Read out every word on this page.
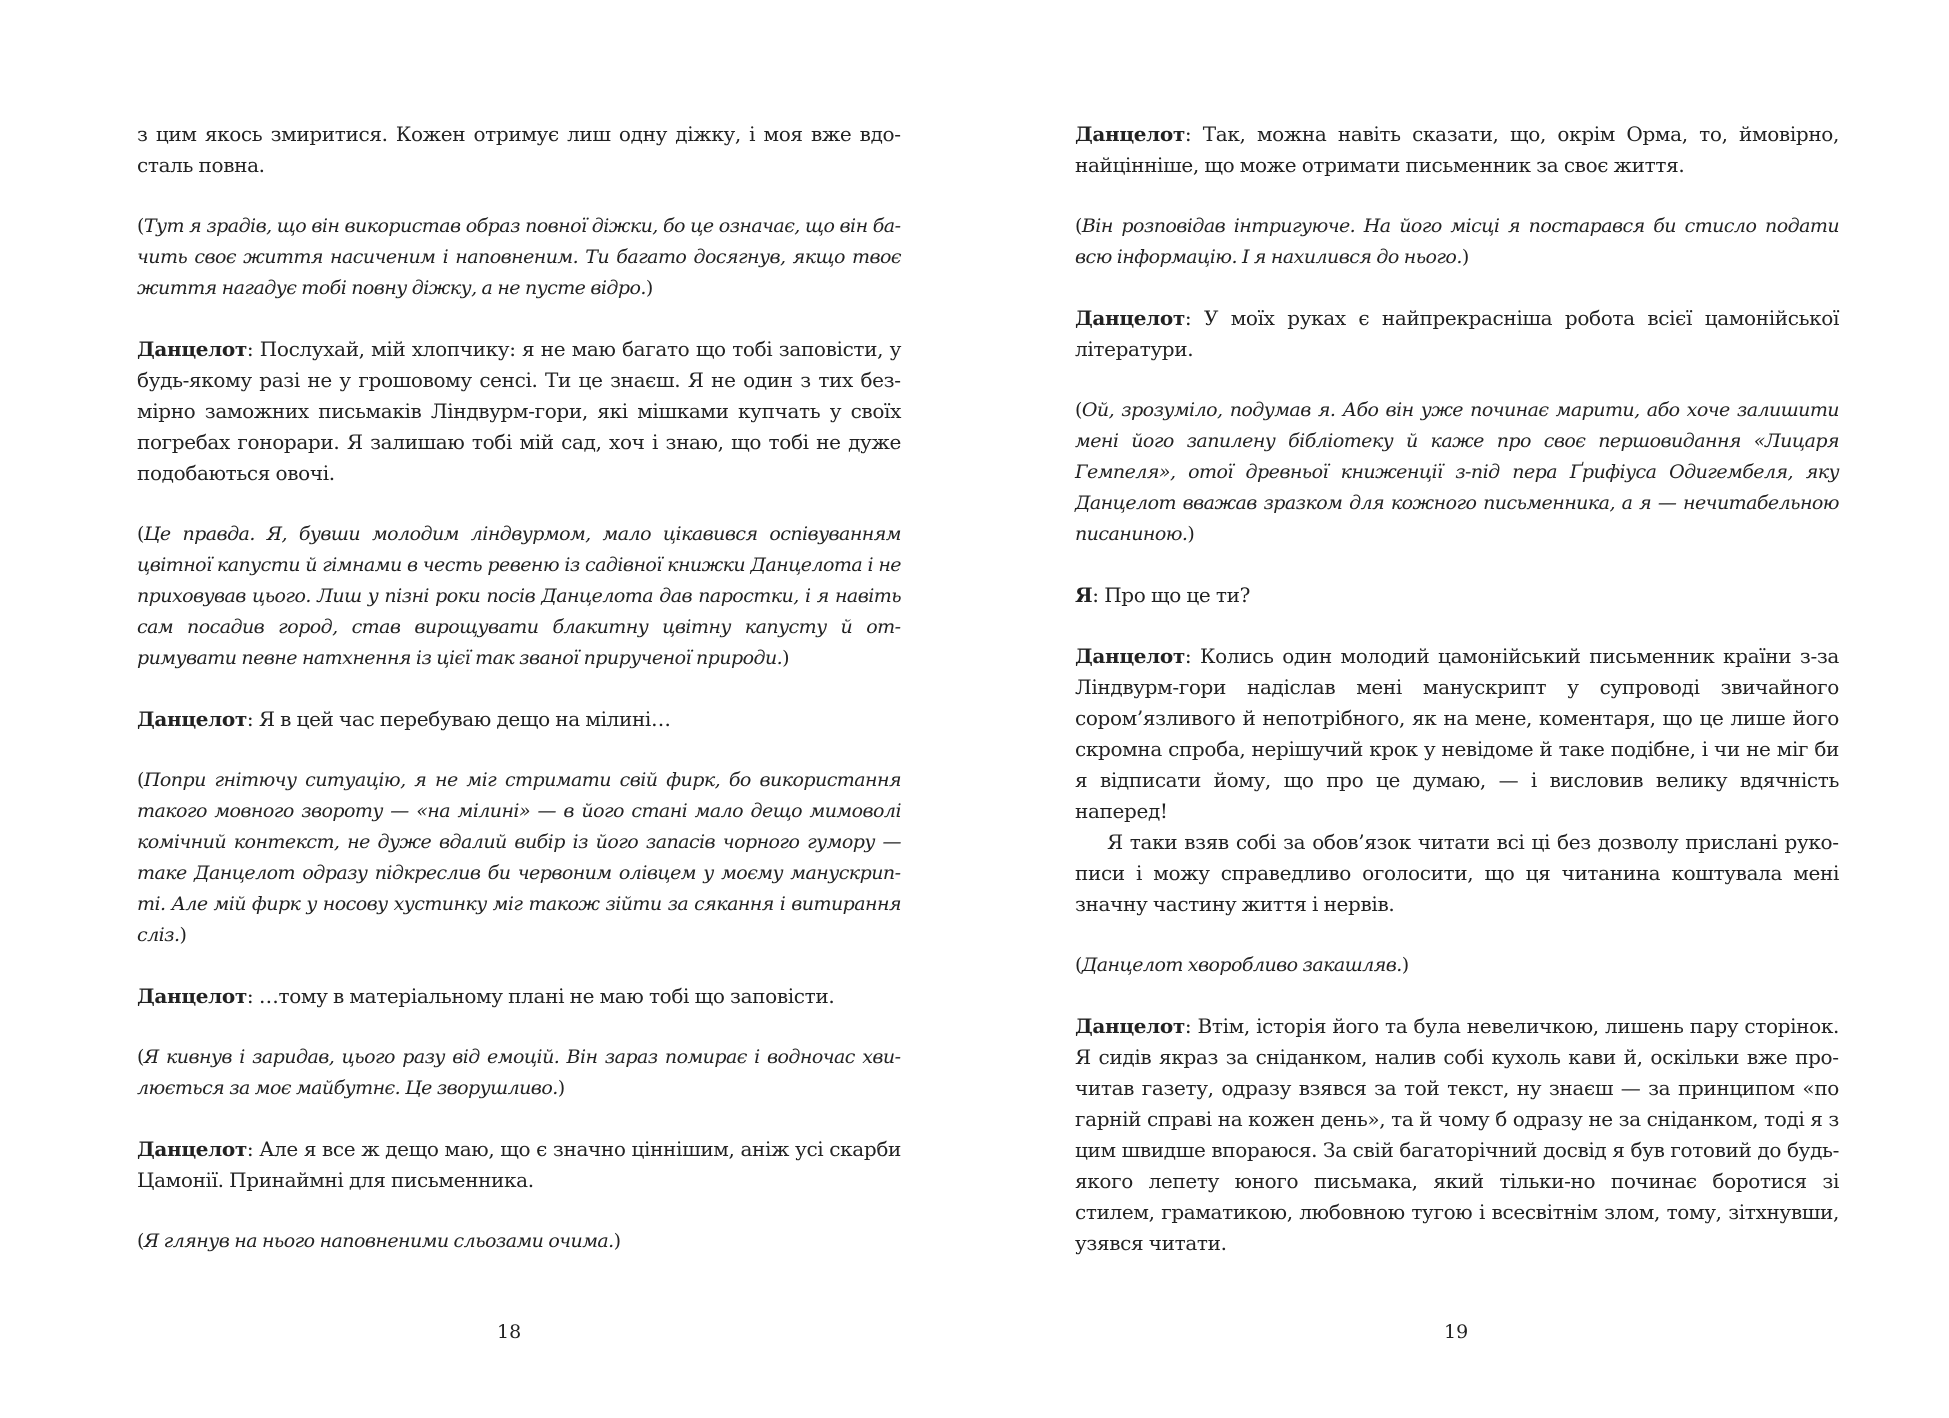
з цим якось змиритися. Кожен отримує лиш одну діжку, і моя вже вдосталь повна.

(Тут я зрадів, що він використав образ повної діжки, бо це означає, що він бачить своє життя насиченим і наповненим. Ти багато досягнув, якщо твоє життя нагадує тобі повну діжку, а не пусте відро.)

Данцелот: Послухай, мій хлопчику: я не маю багато що тобі заповісти, у будь-якому разі не у грошовому сенсі. Ти це знаєш. Я не один з тих безмірно заможних письмаків Ліндвурм-гори, які мішками купчать у своїх погребах гонорари. Я залишаю тобі мій сад, хоч і знаю, що тобі не дуже подобаються овочі.

(Це правда. Я, бувши молодим ліндвурмом, мало цікавився оспівуванням цвітної капусти й гімнами в честь ревеню із садівної книжки Данцелота і не приховував цього. Лиш у пізні роки посів Данцелота дав паростки, і я навіть сам посадив город, став вирощувати блакитну цвітну капусту й отримувати певне натхнення із цієї так званої прирученої природи.)

Данцелот: Я в цей час перебуваю дещо на мілині…

(Попри гнітючу ситуацію, я не міг стримати свій фирк, бо використання такого мовного звороту — «на мілині» — в його стані мало дещо мимоволі комічний контекст, не дуже вдалий вибір із його запасів чорного гумору — таке Данцелот одразу підкреслив би червоним олівцем у моєму манускрипті. Але мій фирк у носову хустинку міг також зійти за сякання і витирання сліз.)

Данцелот: …тому в матеріальному плані не маю тобі що заповісти.

(Я кивнув і заридав, цього разу від емоцій. Він зараз помирає і водночас хвилюється за моє майбутнє. Це зворушливо.)

Данцелот: Але я все ж дещо маю, що є значно ціннішим, аніж усі скарби Цамонії. Принаймні для письменника.

(Я глянув на нього наповненими сльозами очима.)

18

Данцелот: Так, можна навіть сказати, що, окрім Орма, то, ймовірно, найцінніше, що може отримати письменник за своє життя.

(Він розповідав інтригуюче. На його місці я постарався би стисло подати всю інформацію. І я нахилився до нього.)

Данцелот: У моїх руках є найпрекрасніша робота всієї цамонійської літератури.

(Ой, зрозуміло, подумав я. Або він уже починає марити, або хоче залишити мені його запилену бібліотеку й каже про своє першовидання «Лицаря Гемпеля», отої древньої книженції з-під пера Ґрифіуса Одигембеля, яку Данцелот вважав зразком для кожного письменника, а я — нечитабельною писаниною.)

Я: Про що це ти?

Данцелот: Колись один молодий цамонійський письменник країни з-за Ліндвурм-гори надіслав мені манускрипт у супроводі звичайного сором’язливого й непотрібного, як на мене, коментаря, що це лише його скромна спроба, нерішучий крок у невідоме й таке подібне, і чи не міг би я відписати йому, що про це думаю, — і висловив велику вдячність наперед!

Я таки взяв собі за обов’язок читати всі ці без дозволу прислані рукописи і можу справедливо оголосити, що ця читанина коштувала мені значну частину життя і нервів.

(Данцелот хворобливо закашляв.)

Данцелот: Втім, історія його та була невеличкою, лишень пару сторінок. Я сидів якраз за сніданком, налив собі кухоль кави й, оскільки вже прочитав газету, одразу взявся за той текст, ну знаєш — за принципом «по гарній справі на кожен день», та й чому б одразу не за сніданком, тоді я з цим швидше впораюся. За свій багаторічний досвід я був готовий до будь-якого лепету юного письмака, який тільки-но починає боротися зі стилем, граматикою, любовною тугою і всесвітнім злом, тому, зітхнувши, узявся читати.

19
